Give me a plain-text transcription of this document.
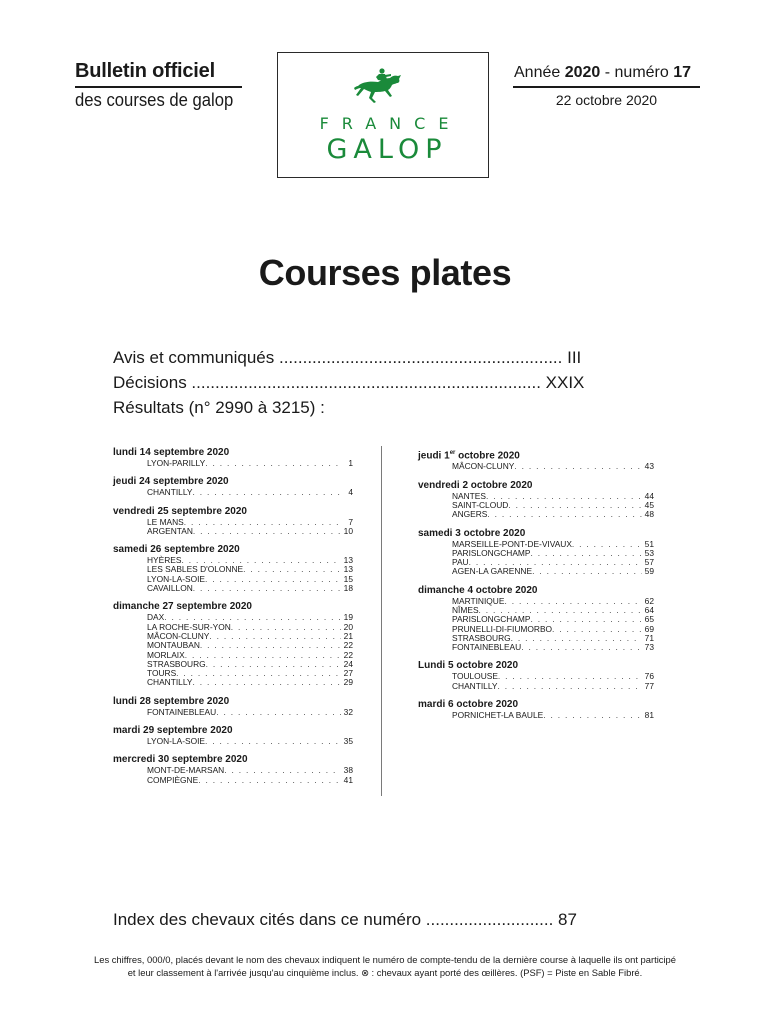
Bulletin officiel
des courses de galop
FRANCE
GALOP
Année 2020 - numéro 17
22 octobre 2020
Courses plates
Avis et communiqués ............................................................ III
Décisions .......................................................................... XXIX
Résultats (n° 2990 à 3215) :
lundi 14 septembre 2020
LYON-PARILLY . . .	1
jeudi 24 septembre 2020
CHANTILLY . . .	4
vendredi 25 septembre 2020
LE MANS . . .	7
ARGENTAN . . .	10
samedi 26 septembre 2020
HYÈRES . . .	13
LES SABLES D'OLONNE . . .	13
LYON-LA-SOIE . . .	15
CAVAILLON . . .	18
dimanche 27 septembre 2020
DAX . . .	19
LA ROCHE-SUR-YON . . .	20
MÂCON-CLUNY . . .	21
MONTAUBAN . . .	22
MORLAIX . . .	22
STRASBOURG . . .	24
TOURS . . .	27
CHANTILLY . . .	29
lundi 28 septembre 2020
FONTAINEBLEAU . . .	32
mardi 29 septembre 2020
LYON-LA-SOIE . . .	35
mercredi 30 septembre 2020
MONT-DE-MARSAN . . .	38
COMPIÈGNE . . .	41
jeudi 1er octobre 2020
MÂCON-CLUNY . . .	43
vendredi 2 octobre 2020
NANTES . . .	44
SAINT-CLOUD . . .	45
ANGERS . . .	48
samedi 3 octobre 2020
MARSEILLE-PONT-DE-VIVAUX . . .	51
PARISLONGCHAMP . . .	53
PAU . . .	57
AGEN-LA GARENNE . . .	59
dimanche 4 octobre 2020
MARTINIQUE . . .	62
NÎMES . . .	64
PARISLONGCHAMP . . .	65
PRUNELLI-DI-FIUMORBO . . .	69
STRASBOURG . . .	71
FONTAINEBLEAU . . .	73
Lundi 5 octobre 2020
TOULOUSE . . .	76
CHANTILLY . . .	77
mardi 6 octobre 2020
PORNICHET-LA BAULE . . .	81
Index des chevaux cités dans ce numéro ........................... 87
Les chiffres, 000/0, placés devant le nom des chevaux indiquent le numéro de compte-tendu de la dernière course à laquelle ils ont participé
et leur classement à l'arrivée jusqu'au cinquième inclus. ⊗ : chevaux ayant porté des œillères. (PSF) = Piste en Sable Fibré.
